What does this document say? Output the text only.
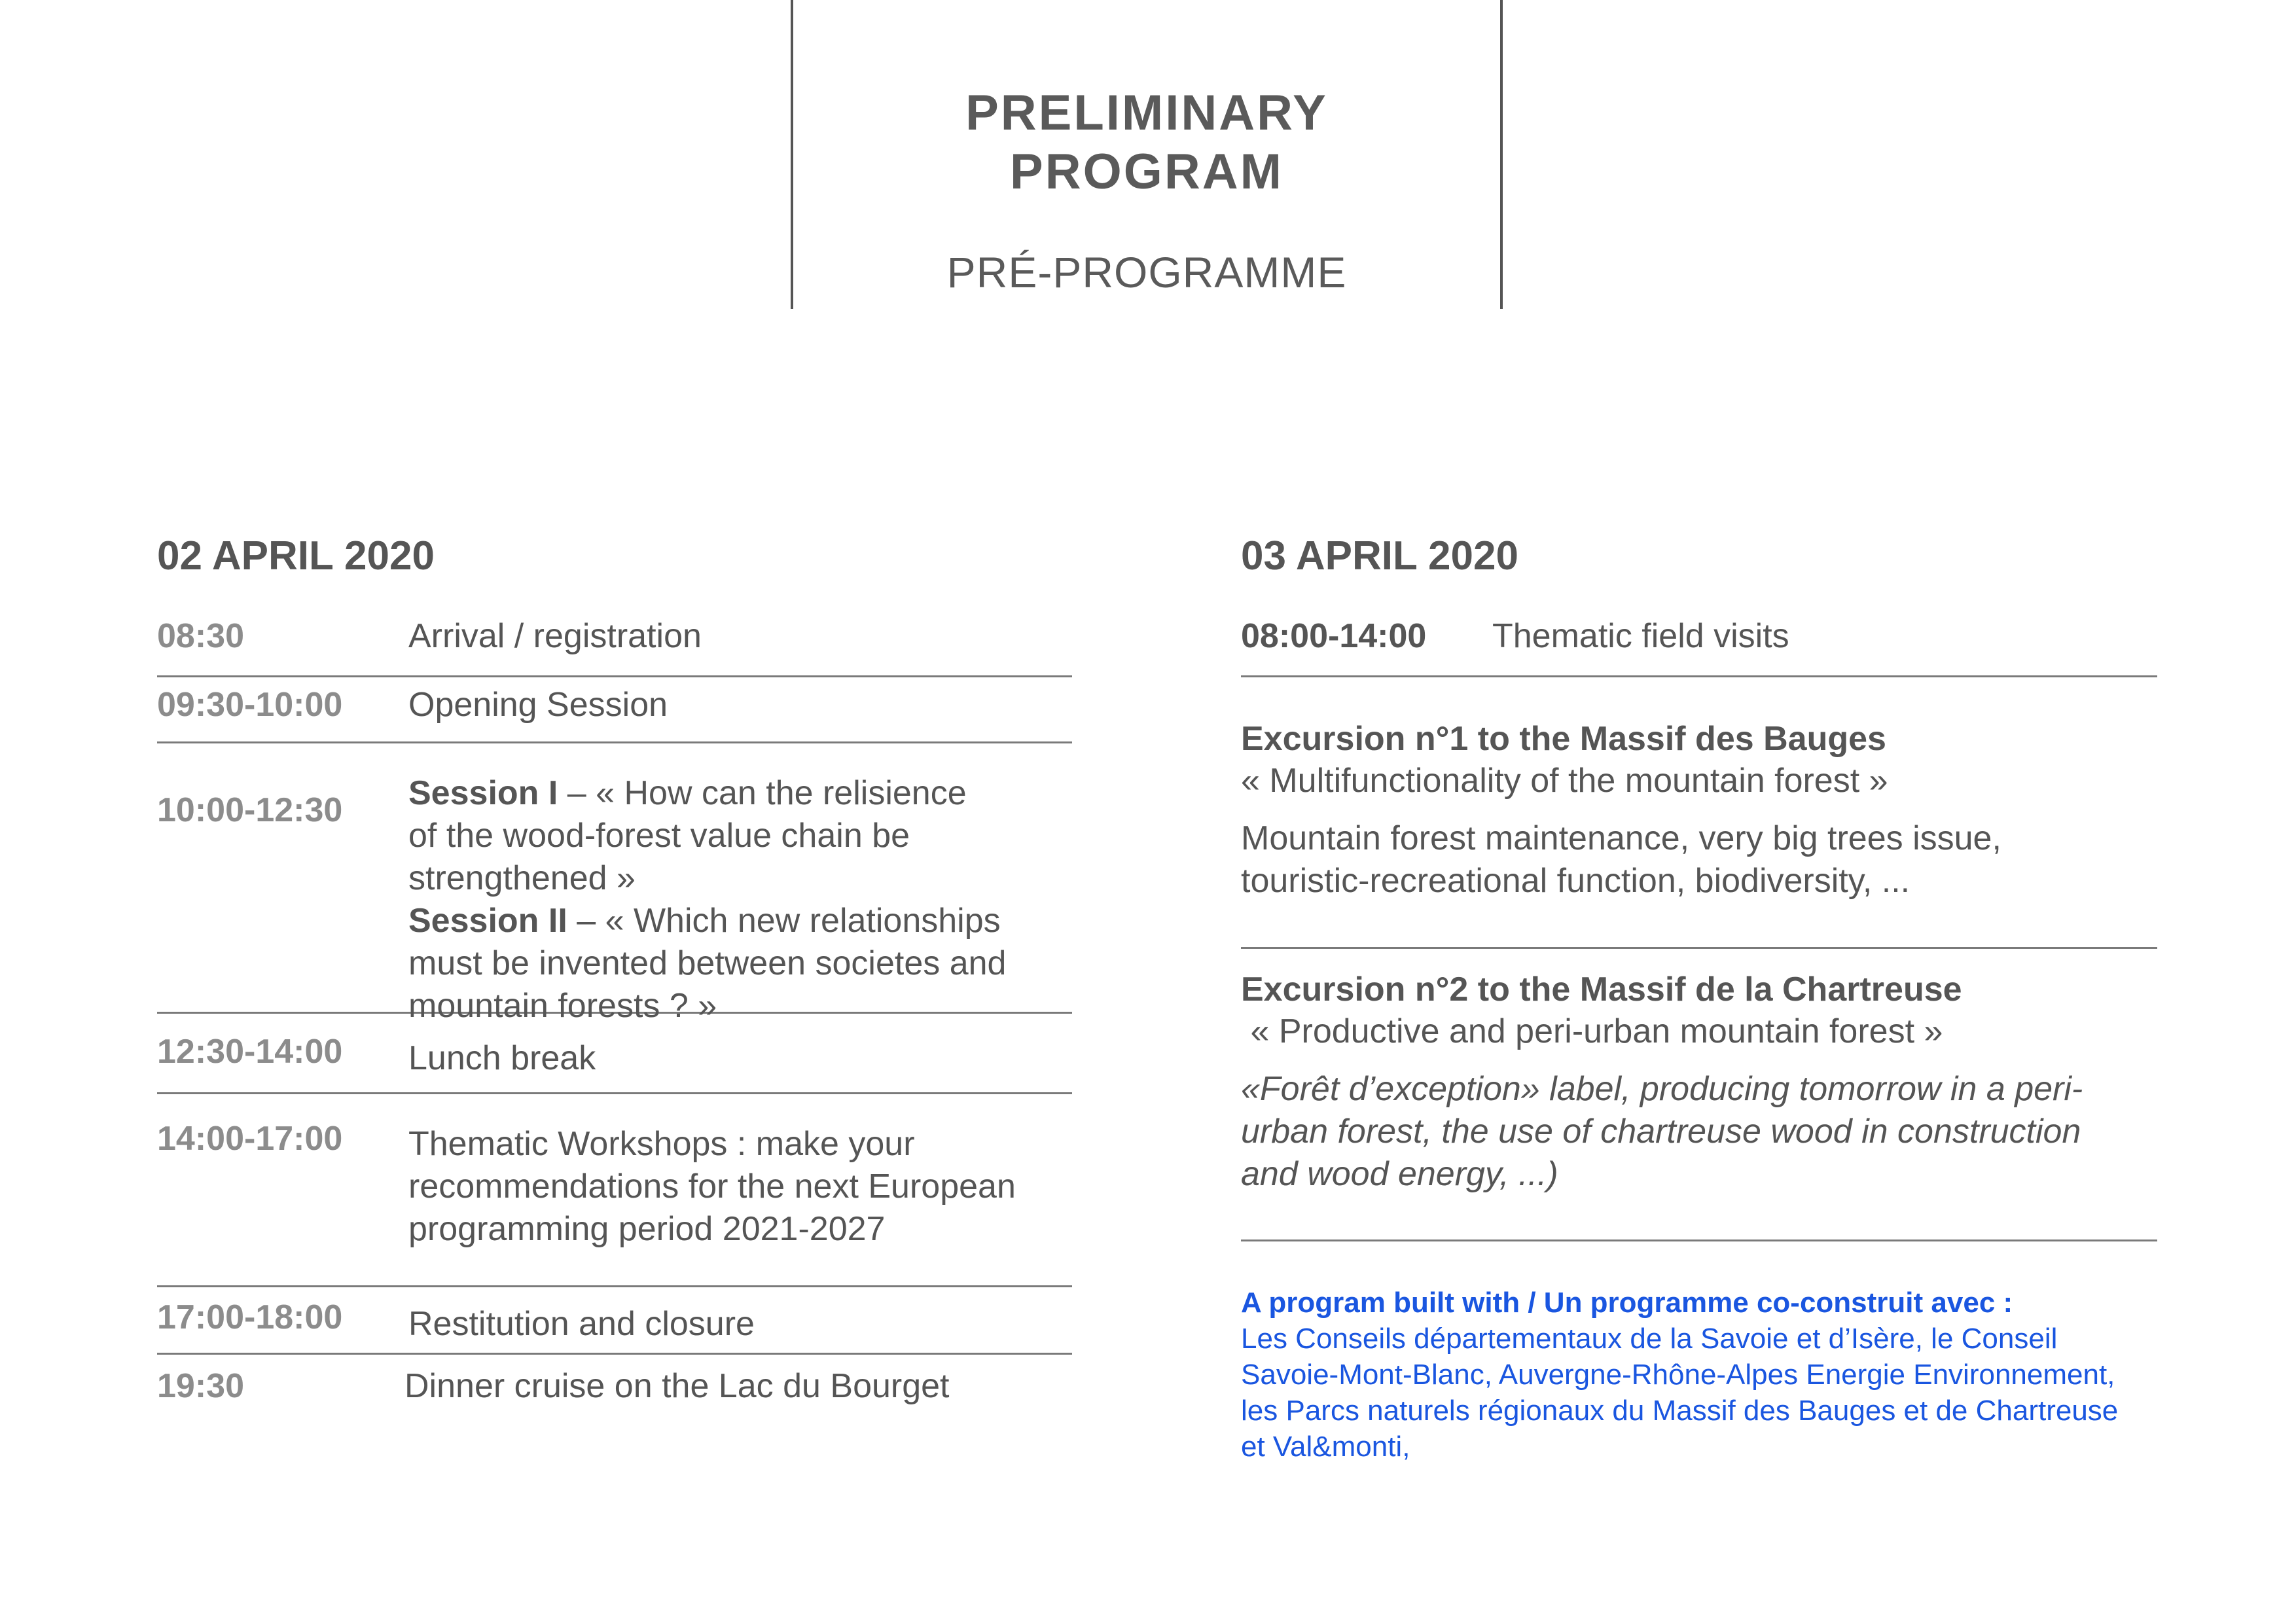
PRELIMINARY
PROGRAM
PRÉ-PROGRAMME
02 APRIL 2020
08:30	Arrival / registration
09:30-10:00 Opening Session
10:00-12:30 Session I – « How can the relisience
of the wood-forest value chain be
strengthened »
Session II – « Which new relationships
must be invented between societes and
mountain forests ? »
12:30-14:00 Lunch break
14:00-17:00 Thematic Workshops : make your
recommendations for the next European
programming period 2021-2027
17:00-18:00 Restitution and closure
19:30	Dinner cruise on the Lac du Bourget
03 APRIL 2020
08:00-14:00 Thematic field visits
Excursion n°1 to the Massif des Bauges
« Multifunctionality of the mountain forest »
Mountain forest maintenance, very big trees issue,
touristic-recreational function, biodiversity, ...
Excursion n°2 to the Massif de la Chartreuse
« Productive and peri-urban mountain forest »
«Forêt d’exception» label, producing tomorrow in a peri-
urban forest, the use of chartreuse wood in construction
and wood energy, ...)
A program built with / Un programme co-construit avec :
Les Conseils départementaux de la Savoie et d’Isère, le Conseil
Savoie-Mont-Blanc, Auvergne-Rhône-Alpes Energie Environnement,
les Parcs naturels régionaux du Massif des Bauges et de Chartreuse
et Val&monti,
